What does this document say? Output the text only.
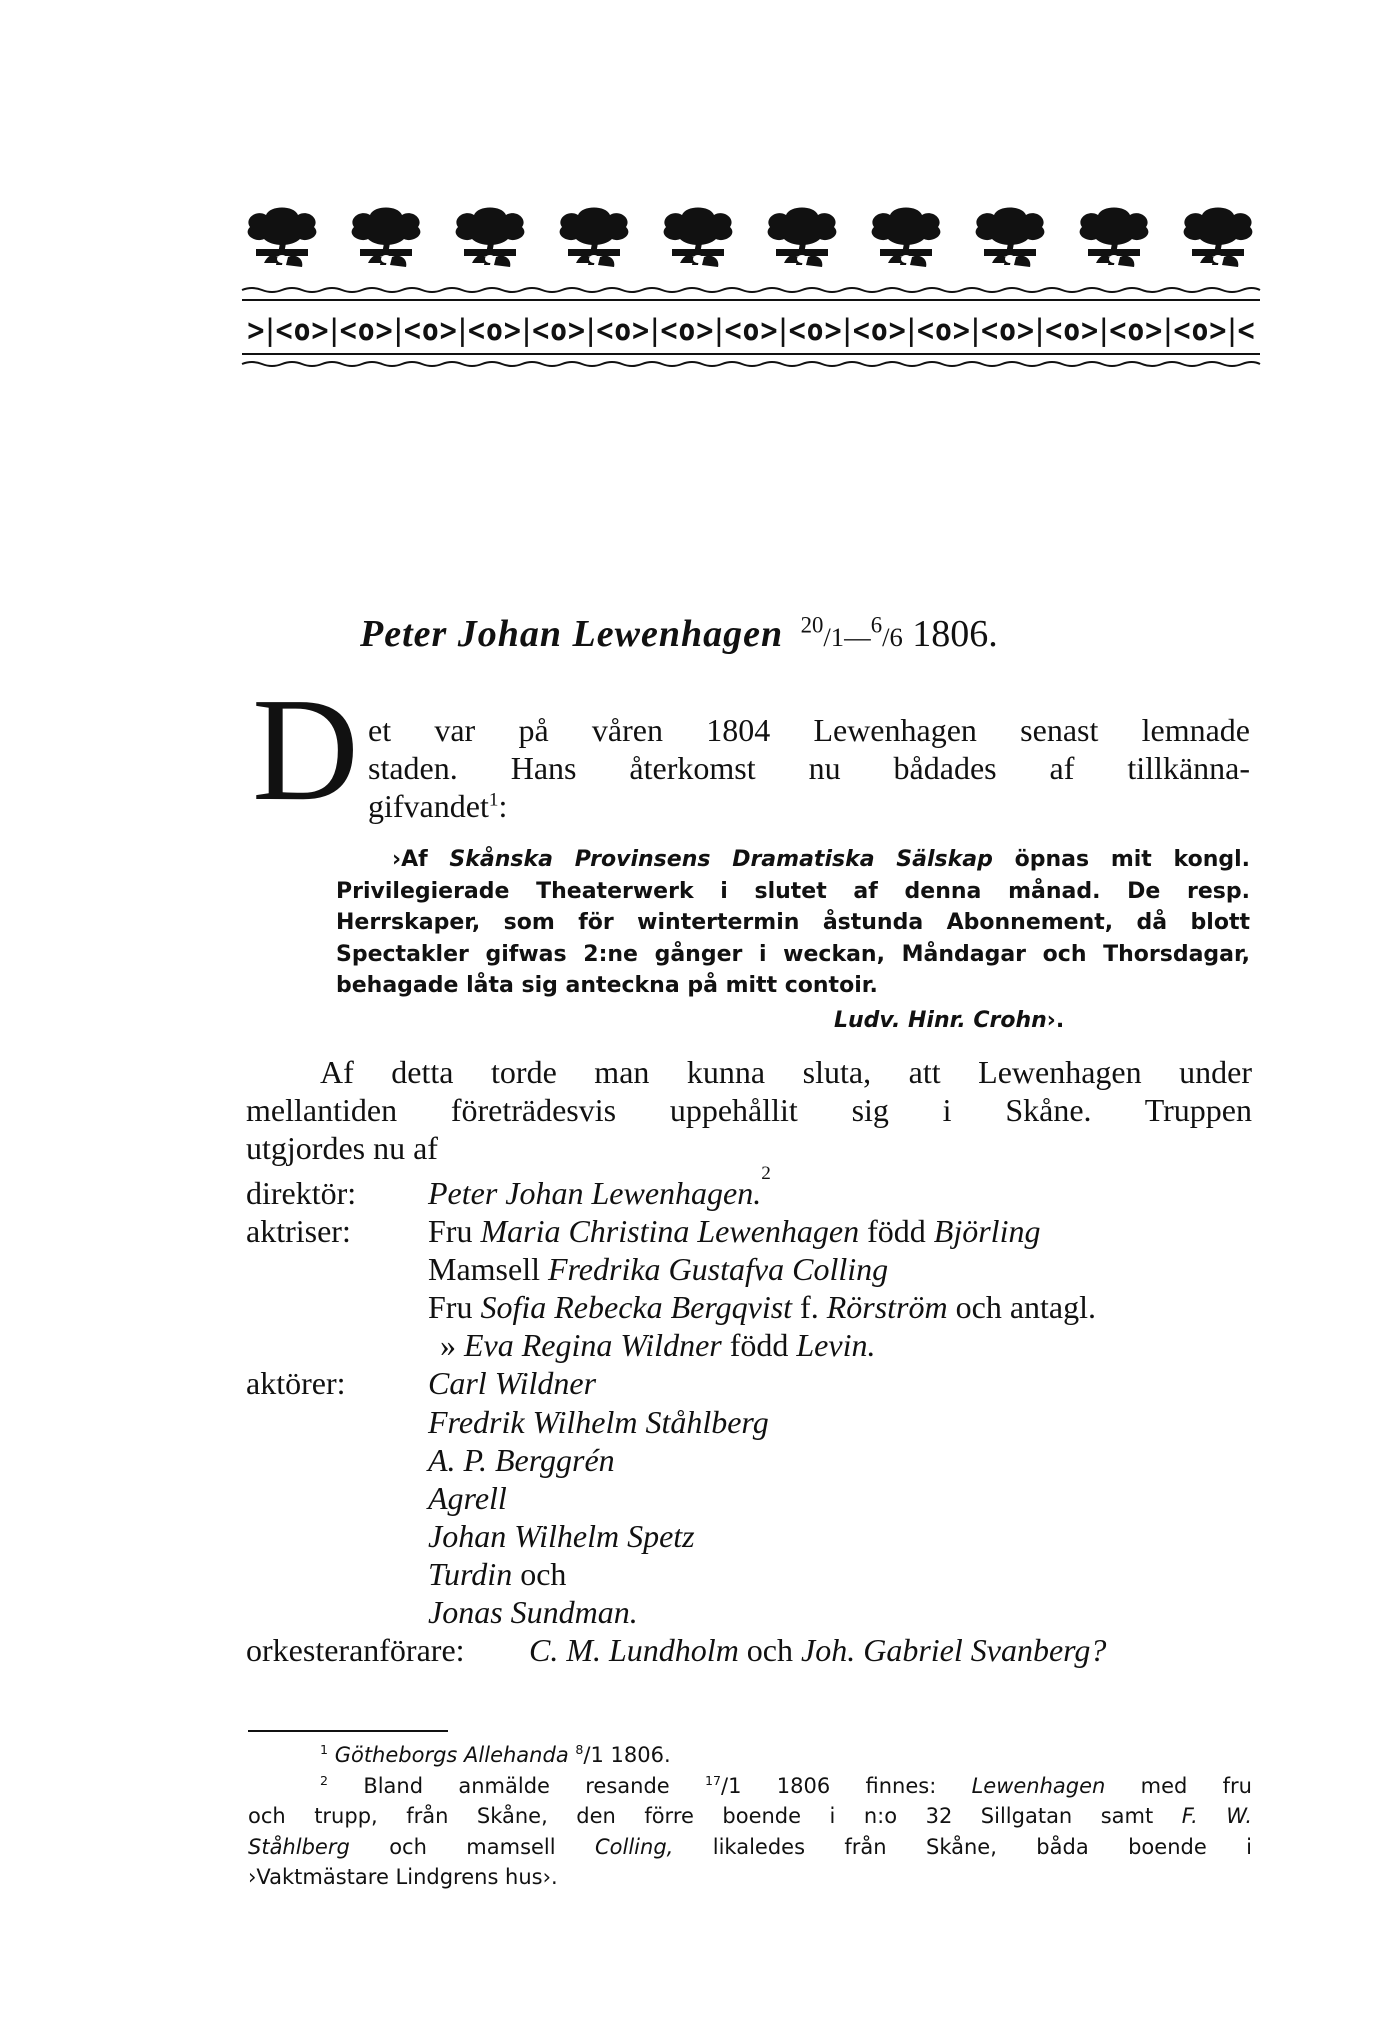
>|<o>|<o>|<o>|<o>|<o>|<o>|<o>|<o>|<o>|<o>|<o>|<o>|<o>|<o>|<o>|<
Peter Johan Lewenhagen $^{20}$/1—$^6$/6 1806.
D et var på våren 1804 Lewenhagen senast lemnade
staden. Hans återkomst nu bådades af tillkänna-
gifvandet$^1$:
›Af Skånska Provinsens Dramatiska Sälskap öpnas mit kongl.
Privilegierade Theaterwerk i slutet af denna månad. De resp.
Herrskaper, som för wintertermin åstunda Abonnement, då blott
Spectakler gifwas 2:ne gånger i weckan, Måndagar och Thorsdagar,
behagade låta sig anteckna på mitt contoir.
Ludv. Hinr. Crohn›.
Af detta torde man kunna sluta, att Lewenhagen under
mellantiden företrädesvis uppehållit sig i Skåne. Truppen
utgjordes nu af
direktör:	Peter Johan Lewenhagen.
2
aktriser:	Fru Maria Christina Lewenhagen född Björling
Mamsell Fredrika Gustafva Colling
Fru Sofia Rebecka Bergqvist f. Rörström och antagl.
» Eva Regina Wildner född Levin.
aktörer:	Carl Wildner
Fredrik Wilhelm Ståhlberg
A. P. Berggrén
Agrell
Johan Wilhelm Spetz
Turdin och
Jonas Sundman.
orkesteranförare:	C. M. Lundholm och Joh. Gabriel Svanberg?
$^1$ Götheborgs Allehanda $^8$/1 1806.
$^2$ Bland anmälde resande $^{17}$/1 1806 finnes: Lewenhagen med fru
och trupp, från Skåne, den förre boende i n:o 32 Sillgatan samt F. W.
Ståhlberg och mamsell Colling, likaledes från Skåne, båda boende i
›Vaktmästare Lindgrens hus›.
